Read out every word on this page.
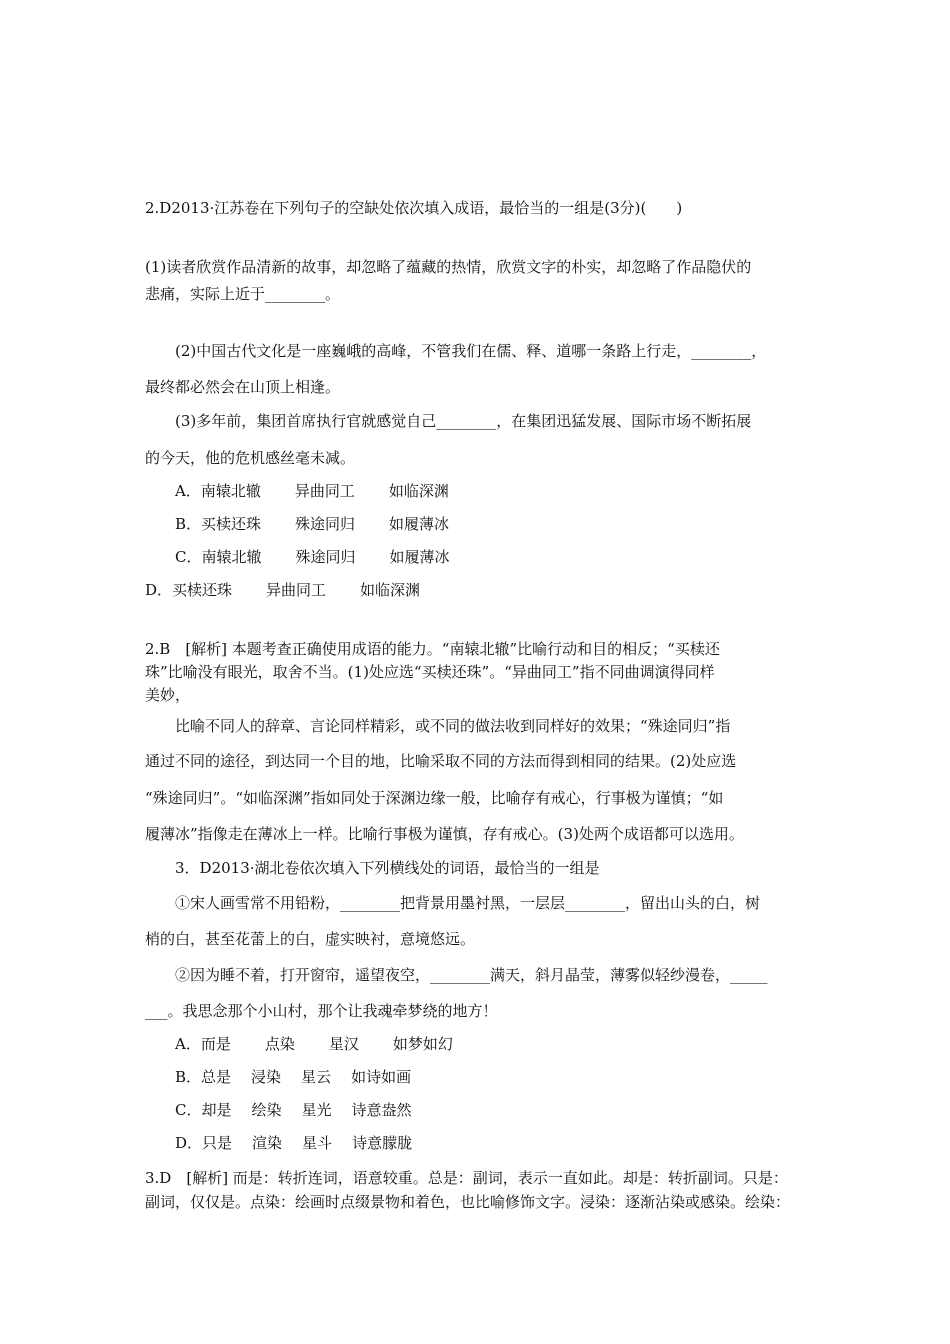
2.D2013·江苏卷在下列句子的空缺处依次填入成语，最恰当的一组是(3分)(　　)
(1)读者欣赏作品清新的故事，却忽略了蕴藏的热情，欣赏文字的朴实，却忽略了作品隐伏的
悲痛，实际上近于________。
(2)中国古代文化是一座巍峨的高峰，不管我们在儒、释、道哪一条路上行走，________，
最终都必然会在山顶上相逢。
(3)多年前，集团首席执行官就感觉自己________，在集团迅猛发展、国际市场不断拓展
的今天，他的危机感丝毫未减。
A．南辕北辙 异曲同工 如临深渊
B．买椟还珠 殊途同归 如履薄冰
C．南辕北辙 殊途同归 如履薄冰
D．买椟还珠 异曲同工 如临深渊
2.B　[解析] 本题考查正确使用成语的能力。“南辕北辙”比喻行动和目的相反；“买椟还
珠”比喻没有眼光，取舍不当。(1)处应选“买椟还珠”。“异曲同工”指不同曲调演得同样
美妙，
比喻不同人的辞章、言论同样精彩，或不同的做法收到同样好的效果；“殊途同归”指
通过不同的途径，到达同一个目的地，比喻采取不同的方法而得到相同的结果。(2)处应选
“殊途同归”。“如临深渊”指如同处于深渊边缘一般，比喻存有戒心，行事极为谨慎；“如
履薄冰”指像走在薄冰上一样。比喻行事极为谨慎，存有戒心。(3)处两个成语都可以选用。
3．D2013·湖北卷依次填入下列横线处的词语，最恰当的一组是
①宋人画雪常不用铅粉，________把背景用墨衬黑，一层层________，留出山头的白，树
梢的白，甚至花蕾上的白，虚实映衬，意境悠远。
②因为睡不着，打开窗帘，遥望夜空，________满天，斜月晶莹，薄雾似轻纱漫卷，_____
___。我思念那个小山村，那个让我魂牵梦绕的地方！
A．而是 点染 星汉 如梦如幻
B．总是 浸染 星云 如诗如画
C．却是 绘染 星光 诗意盎然
D．只是 渲染 星斗 诗意朦胧
3.D　[解析] 而是：转折连词，语意较重。总是：副词，表示一直如此。却是：转折副词。只是：
副词，仅仅是。点染：绘画时点缀景物和着色，也比喻修饰文字。浸染：逐渐沾染或感染。绘染：
